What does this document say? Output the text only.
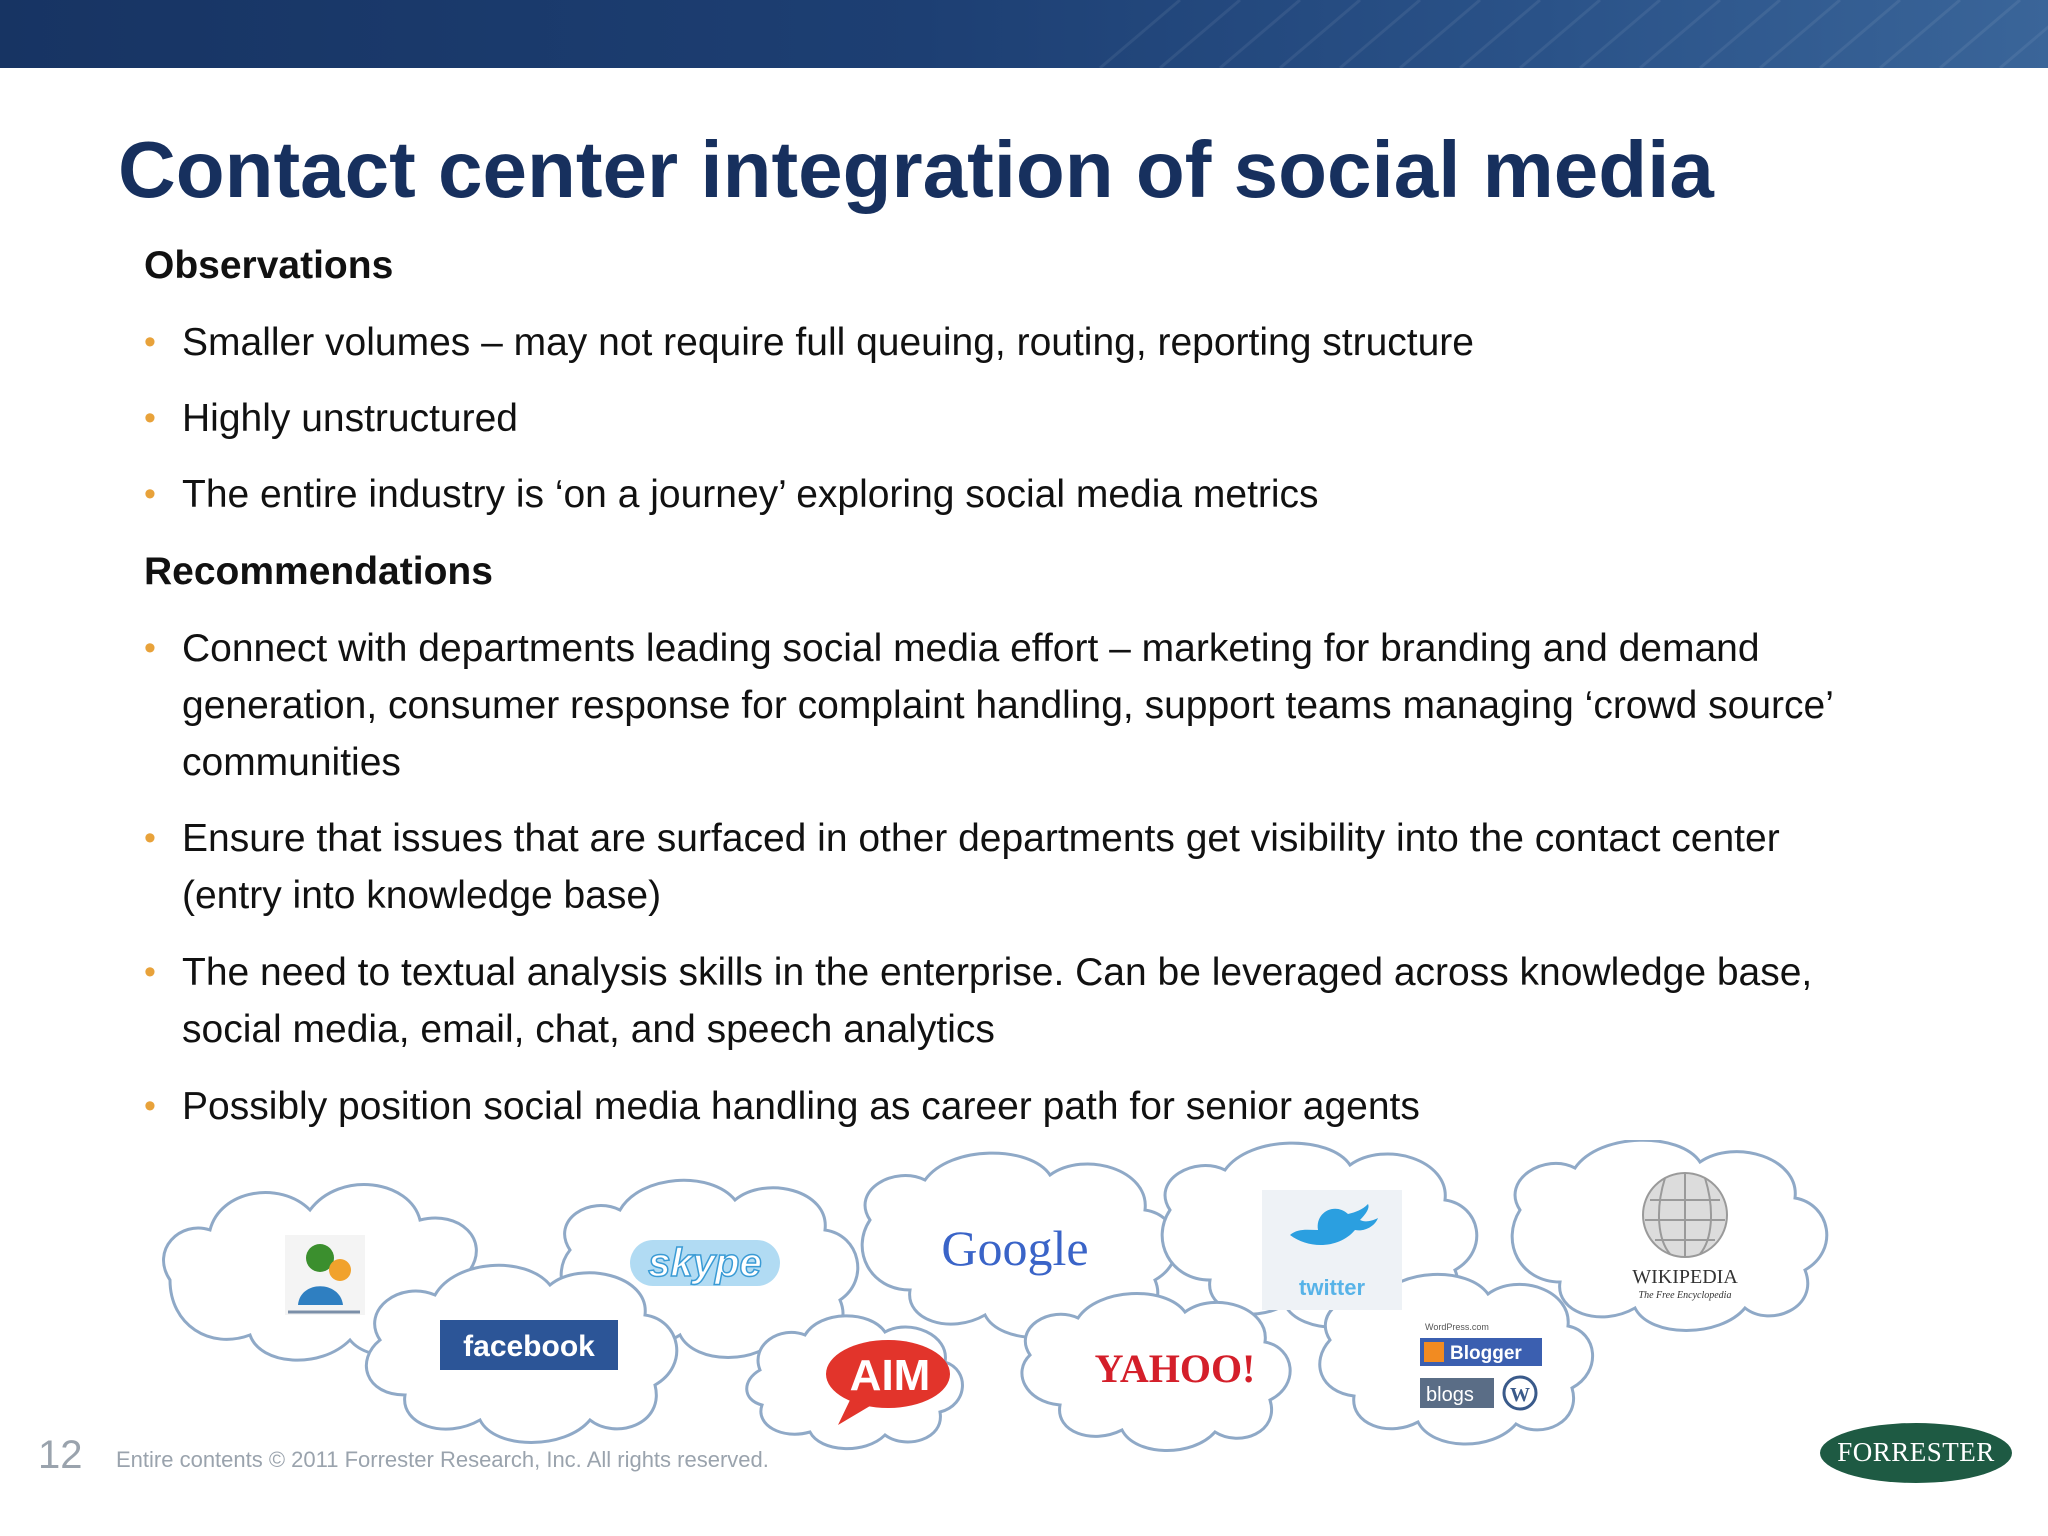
Contact center integration of social media
Observations
• Smaller volumes – may not require full queuing, routing, reporting structure
• Highly unstructured
• The entire industry is ‘on a journey’ exploring social media metrics
Recommendations
• Connect with departments leading social media effort – marketing for branding and demand generation, consumer response for complaint handling, support teams managing ‘crowd source’ communities
• Ensure that issues that are surfaced in other departments get visibility into the contact center (entry into knowledge base)
• The need to textual analysis skills in the enterprise. Can be leveraged across knowledge base, social media, email, chat, and speech analytics
• Possibly position social media handling as career path for senior agents
skype
facebook
Google
AIM
twitter
YAHOO!
WordPress.com
Blogger
blogs W
WIKIPEDIA
The Free Encyclopedia
12 Entire contents © 2011 Forrester Research, Inc. All rights reserved.	FORRESTER
